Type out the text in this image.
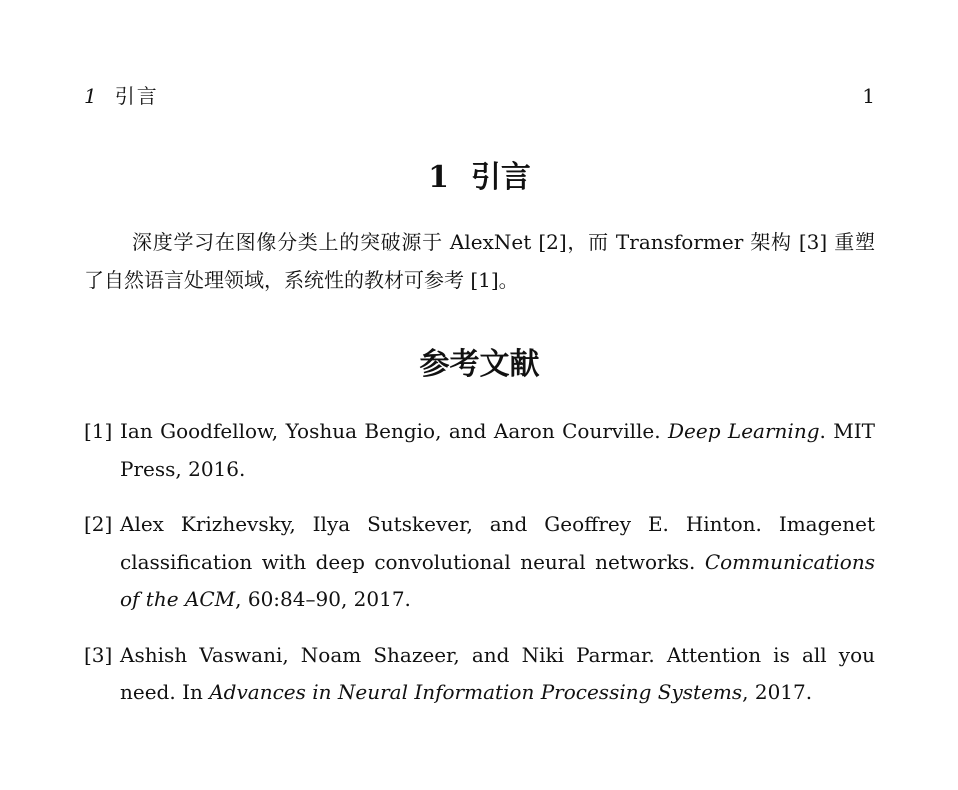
1 引言	1
1 引言

深度学习在图像分类上的突破源于 AlexNet [2]，而 Transformer 架构 [3] 重塑了自然语言处理领域，系统性的教材可参考 [1]。

参考文献
[1] Ian Goodfellow, Yoshua Bengio, and Aaron Courville. Deep Learning. MIT Press, 2016.
[2] Alex Krizhevsky, Ilya Sutskever, and Geoffrey E. Hinton. Imagenet classification with deep convolutional neural networks. Communications of the ACM, 60:84–90, 2017.
[3] Ashish Vaswani, Noam Shazeer, and Niki Parmar. Attention is all you need. In Advances in Neural Information Processing Systems, 2017.
